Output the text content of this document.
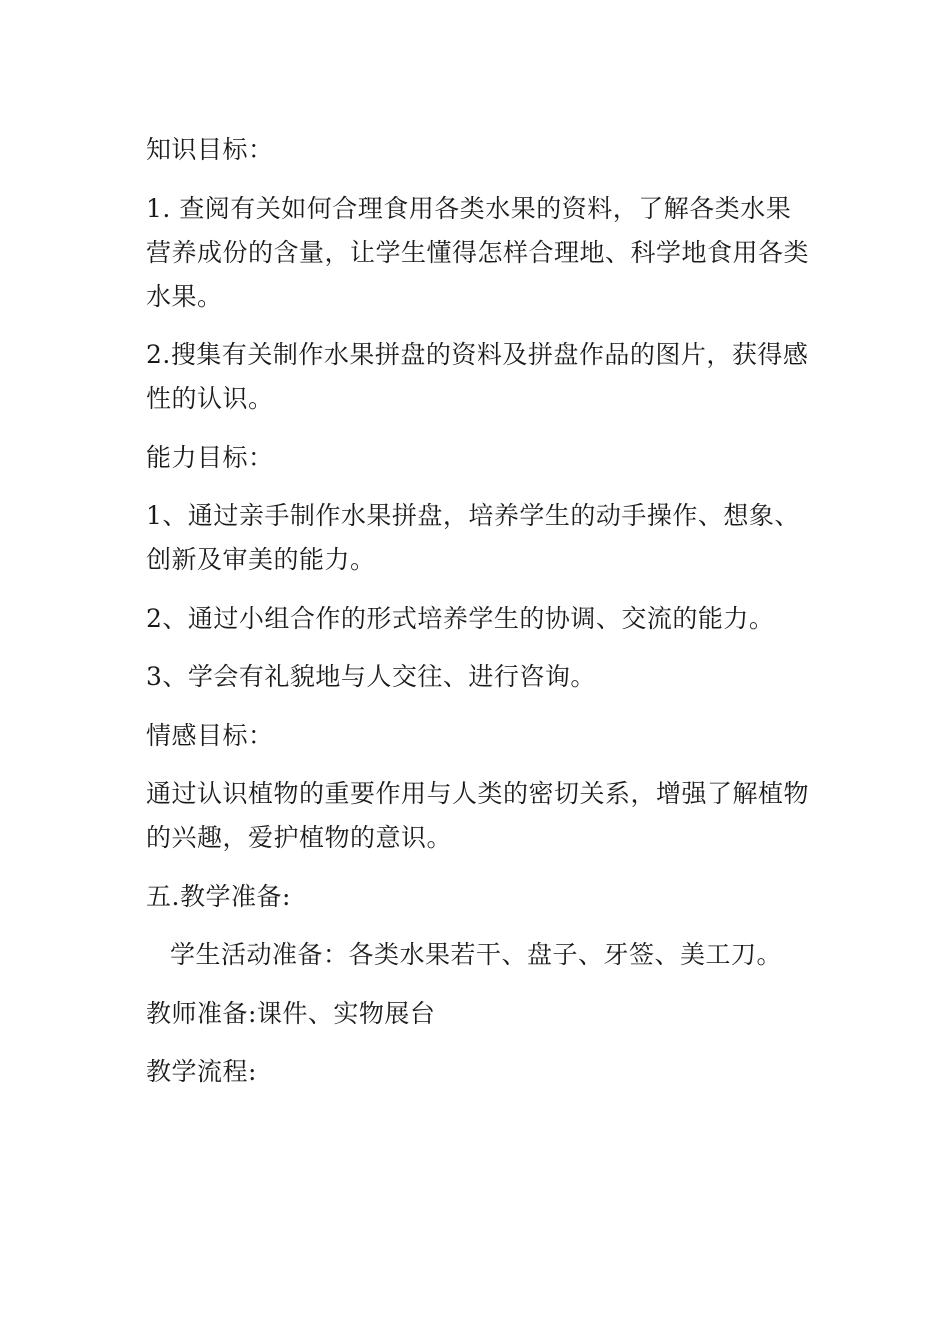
知识目标：

1. 查阅有关如何合理食用各类水果的资料，了解各类水果营养成份的含量，让学生懂得怎样合理地、科学地食用各类水果。

2.搜集有关制作水果拼盘的资料及拼盘作品的图片，获得感性的认识。

能力目标：

1、通过亲手制作水果拼盘，培养学生的动手操作、想象、创新及审美的能力。

2、通过小组合作的形式培养学生的协调、交流的能力。

3、学会有礼貌地与人交往、进行咨询。

情感目标：

通过认识植物的重要作用与人类的密切关系，增强了解植物的兴趣，爱护植物的意识。

五.教学准备:

学生活动准备：各类水果若干、盘子、牙签、美工刀。

教师准备:课件、实物展台

教学流程:
